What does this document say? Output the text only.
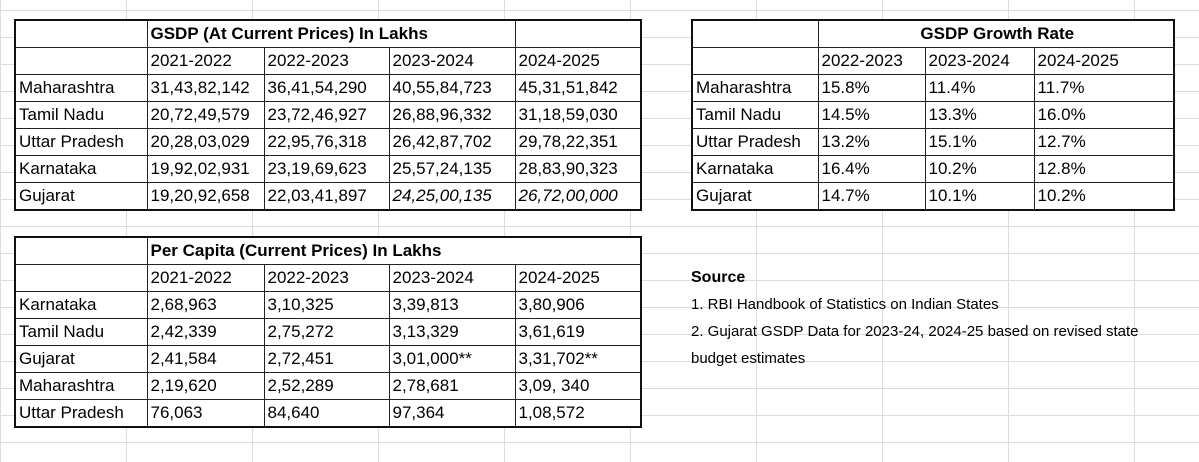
	GSDP (At Current Prices) In Lakhs			
	2021-2022	2022-2023	2023-2024	2024-2025
Maharashtra	31,43,82,142	36,41,54,290	40,55,84,723	45,31,51,842
Tamil Nadu	20,72,49,579	23,72,46,927	26,88,96,332	31,18,59,030
Uttar Pradesh	20,28,03,029	22,95,76,318	26,42,87,702	29,78,22,351
Karnataka	19,92,02,931	23,19,69,623	25,57,24,135	28,83,90,323
Gujarat	19,20,92,658	22,03,41,897	24,25,00,135	26,72,00,000
	GSDP Growth Rate		
	2022-2023	2023-2024	2024-2025
Maharashtra	15.8%	11.4%	11.7%
Tamil Nadu	14.5%	13.3%	16.0%
Uttar Pradesh	13.2%	15.1%	12.7%
Karnataka	16.4%	10.2%	12.8%
Gujarat	14.7%	10.1%	10.2%
	Per Capita (Current Prices) In Lakhs			
	2021-2022	2022-2023	2023-2024	2024-2025
Karnataka	2,68,963	3,10,325	3,39,813	3,80,906
Tamil Nadu	2,42,339	2,75,272	3,13,329	3,61,619
Gujarat	2,41,584	2,72,451	3,01,000**	3,31,702**
Maharashtra	2,19,620	2,52,289	2,78,681	3,09, 340
Uttar Pradesh	76,063	84,640	97,364	1,08,572
Source
1. RBI Handbook of Statistics on Indian States
2. Gujarat GSDP Data for 2023-24, 2024-25 based on revised state
budget estimates
